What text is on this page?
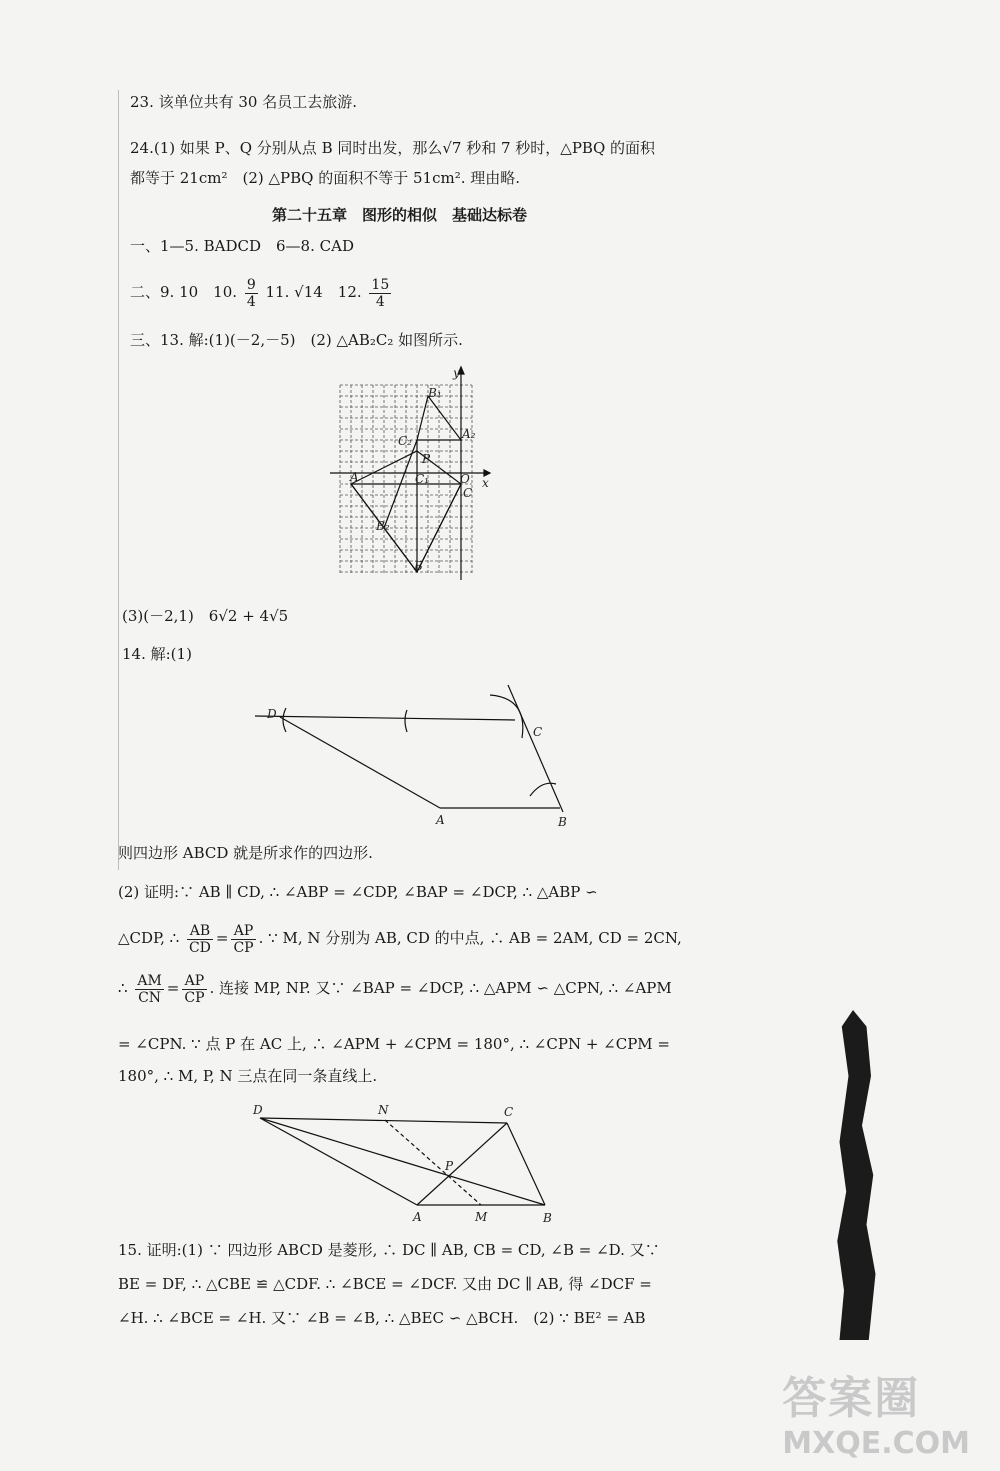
23. 该单位共有 30 名员工去旅游.
24.(1) 如果 P、Q 分别从点 B 同时出发，那么√7 秒和 7 秒时，△PBQ 的面积
都等于 21cm²　(2) △PBQ 的面积不等于 51cm². 理由略.
第二十五章　图形的相似　基础达标卷
一、1—5. BADCD　6—8. CAD
二、9. 10　10. $\frac{9}{4} 11$. √14　12. $\frac{15}{4}$
三、13. 解:(1)(－2,－5)　(2) △AB₂C₂ 如图所示.
y
x
B₁
C₂	A₂
P
A	C₁	O
C
B₂
B
(3)(－2,1)　6√2 + 4√5
14. 解:(1)
D
C
A	B
则四边形 ABCD 就是所求作的四边形.
(2) 证明:∵ AB ∥ CD, ∴ ∠ABP = ∠CDP, ∠BAP = ∠DCP, ∴ △ABP ∽
△CDP, ∴ $\frac{AB}{CD} = \frac{AP}{CP}$ . ∵ M, N 分别为 AB, CD 的中点, ∴ AB = 2AM, CD = 2CN,
∴ $\frac{AM}{CN} = \frac{AP}{CP}$ . 连接 MP, NP. 又∵ ∠BAP = ∠DCP, ∴ △APM ∽ △CPN, ∴ ∠APM
= ∠CPN. ∵ 点 P 在 AC 上, ∴ ∠APM + ∠CPM = 180°, ∴ ∠CPN + ∠CPM =
180°, ∴ M, P, N 三点在同一条直线上.
D	N	C
P
A	M	B
15. 证明:(1) ∵ 四边形 ABCD 是菱形, ∴ DC ∥ AB, CB = CD, ∠B = ∠D. 又∵
BE = DF, ∴ △CBE ≌ △CDF. ∴ ∠BCE = ∠DCF. 又由 DC ∥ AB, 得 ∠DCF =
∠H. ∴ ∠BCE = ∠H. 又∵ ∠B = ∠B, ∴ △BEC ∽ △BCH.　(2) ∵ BE² = AB
答案圈
MXQE.COM
